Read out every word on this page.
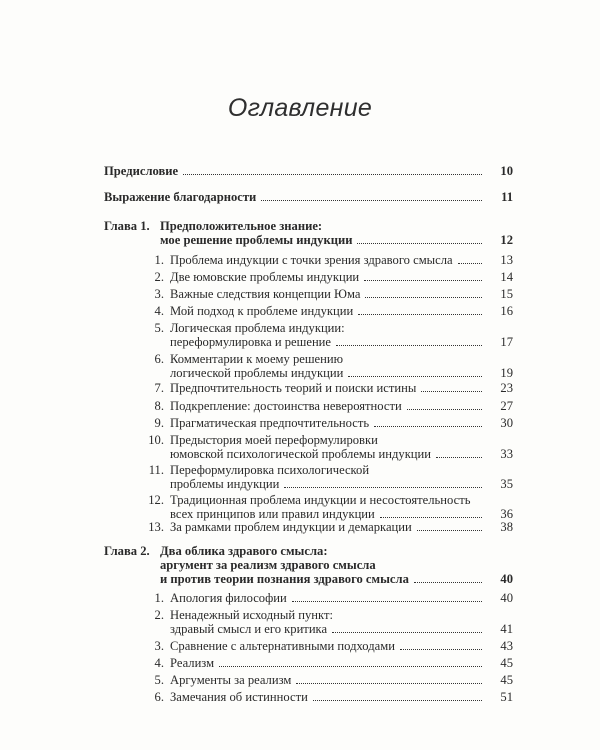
Оглавление
Предисловие	10
Выражение благодарности	11
Глава 1. Предположительное знание:
мое решение проблемы индукции	12
1. Проблема индукции с точки зрения здравого смысла	13
2. Две юмовские проблемы индукции	14
3. Важные следствия концепции Юма	15
4. Мой подход к проблеме индукции	16
5. Логическая проблема индукции:
переформулировка и решение	17
6. Комментарии к моему решению
логической проблемы индукции	19
7. Предпочтительность теорий и поиски истины	23
8. Подкрепление: достоинства невероятности	27
9. Прагматическая предпочтительность	30
10. Предыстория моей переформулировки
юмовской психологической проблемы индукции	33
11. Переформулировка психологической
проблемы индукции	35
12. Традиционная проблема индукции и несостоятельность
всех принципов или правил индукции	36
13. За рамками проблем индукции и демаркации	38
Глава 2. Два облика здравого смысла:
аргумент за реализм здравого смысла
и против теории познания здравого смысла	40
1. Апология философии	40
2. Ненадежный исходный пункт:
здравый смысл и его критика	41
3. Сравнение с альтернативными подходами	43
4. Реализм	45
5. Аргументы за реализм	45
6. Замечания об истинности	51
